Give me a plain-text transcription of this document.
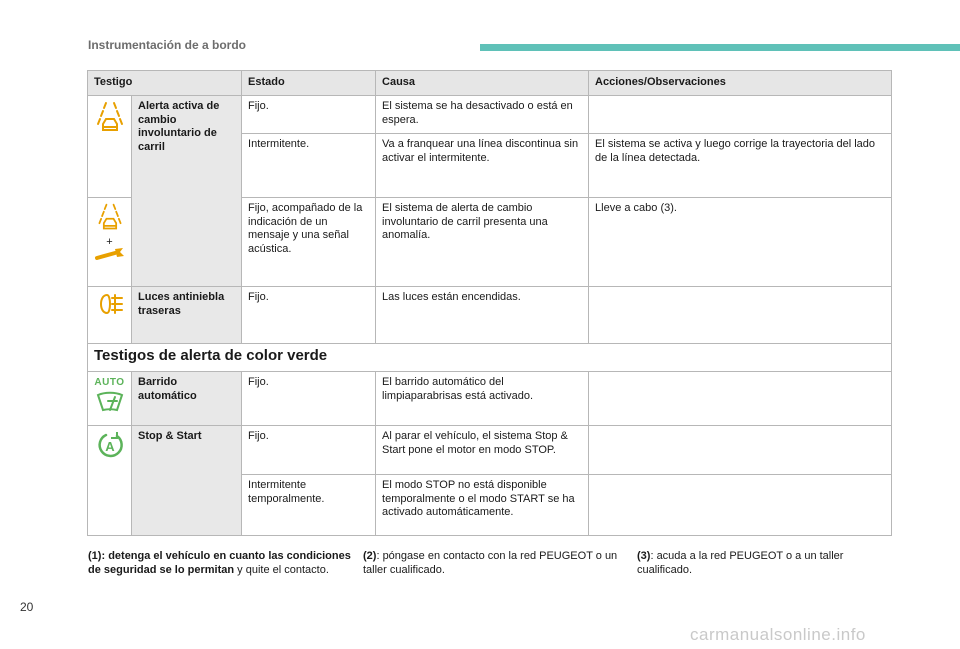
Instrumentación de a bordo
Testigo		Estado	Causa	Acciones/Observaciones
	Alerta activa de cambio involuntario de carril	Fijo.	El sistema se ha desactivado o está en espera.	
		Intermitente.	Va a franquear una línea discontinua sin activar el intermitente.	El sistema se activa y luego corrige la trayectoria del lado de la línea detectada.

+		Fijo, acompañado de la indicación de un mensaje y una señal acústica.	El sistema de alerta de cambio involuntario de carril presenta una anomalía.	Lleve a cabo (3).
	Luces antiniebla traseras	Fijo.	Las luces están encendidas.	
Testigos de alerta de color verde				

AUTO	Barrido automático	Fijo.	El barrido automático del limpiaparabrisas está activado.	

A	Stop & Start	Fijo.	Al parar el vehículo, el sistema Stop & Start pone el motor en modo STOP.	
		Intermitente temporalmente.	El modo STOP no está disponible temporalmente o el modo START se ha activado automáticamente.	
(1): detenga el vehículo en cuanto las condiciones de seguridad se lo permitan y quite el contacto.
(2): póngase en contacto con la red PEUGEOT o un taller cualificado.
(3): acuda a la red PEUGEOT o a un taller cualificado.
20
carmanualsonline.info
